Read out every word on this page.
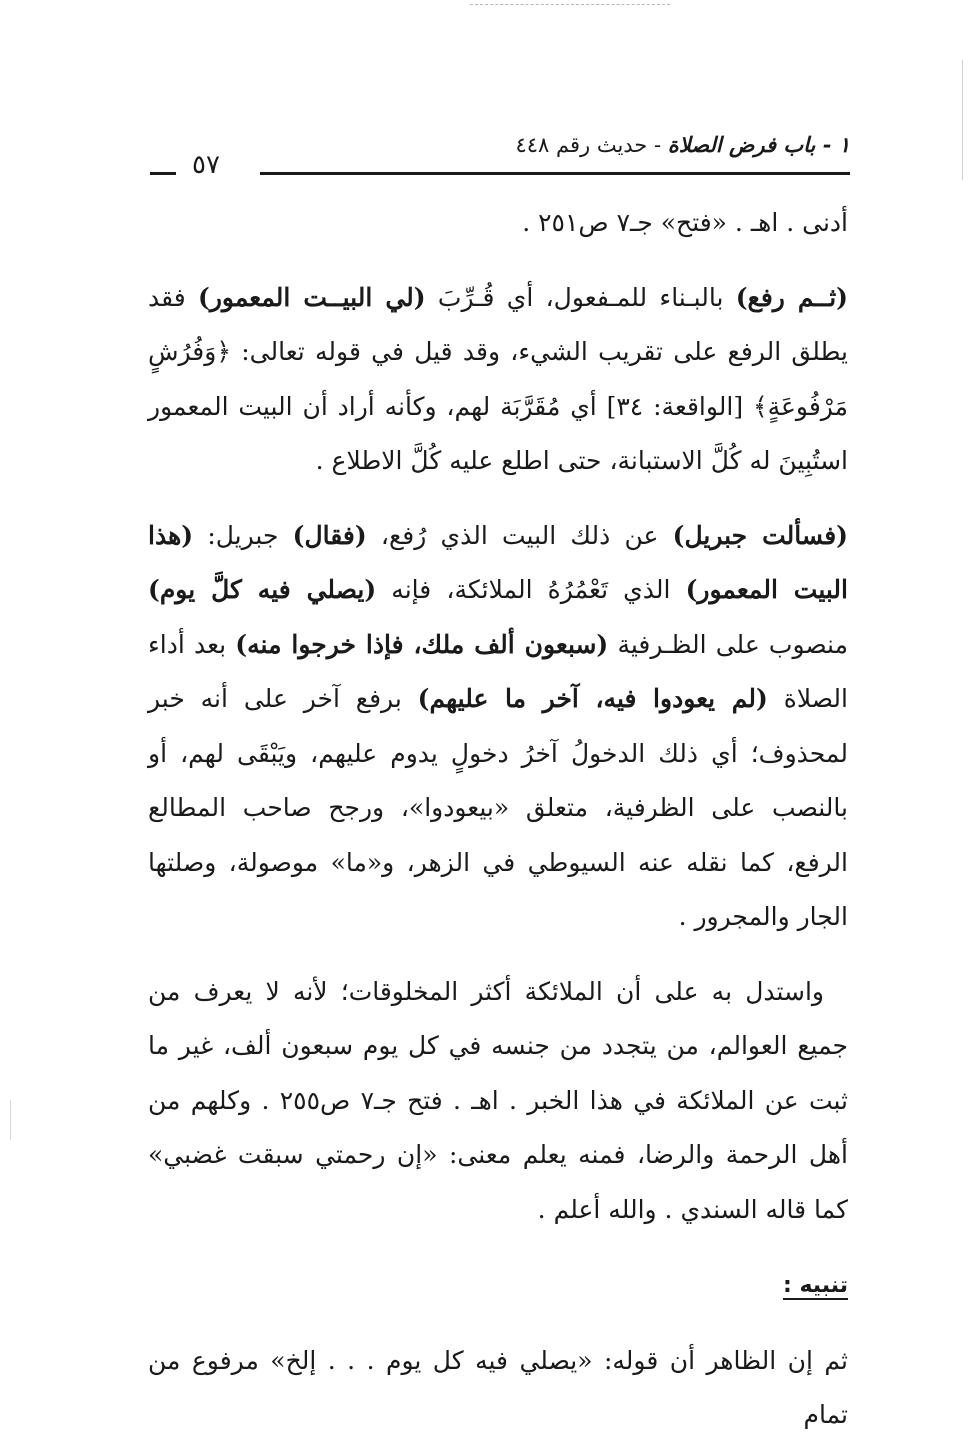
١ - باب فرض الصلاة - حديث رقم ٤٤٨
٥٧

أدنى . اهـ . «فتح» جـ٧ ص٢٥١ .

(ثــم رفع) بالبـناء للمـفعول، أي قُـرِّبَ (لي البيــت المعمور) فقد يطلق الرفع على تقريب الشيء، وقد قيل في قوله تعالى: ﴿وَفُرُشٍ مَرْفُوعَةٍ﴾ [الواقعة: ٣٤] أي مُقَرَّبَة لهم، وكأنه أراد أن البيت المعمور استُبِينَ له كُلَّ الاستبانة، حتى اطلع عليه كُلَّ الاطلاع .

(فسألت جبريل) عن ذلك البيت الذي رُفع، (فقال) جبريل: (هذا البيت المعمور) الذي تَعْمُرُهُ الملائكة، فإنه (يصلي فيه كلَّ يوم) منصوب على الظـرفية (سبعون ألف ملك، فإذا خرجوا منه) بعد أداء الصلاة (لم يعودوا فيه، آخر ما عليهم) برفع آخر على أنه خبر لمحذوف؛ أي ذلك الدخولُ آخرُ دخولٍ يدوم عليهم، ويَبْقَى لهم، أو بالنصب على الظرفية، متعلق «بيعودوا»، ورجح صاحب المطالع الرفع، كما نقله عنه السيوطي في الزهر، و«ما» موصولة، وصلتها الجار والمجرور .

واستدل به على أن الملائكة أكثر المخلوقات؛ لأنه لا يعرف من جميع العوالم، من يتجدد من جنسه في كل يوم سبعون ألف، غير ما ثبت عن الملائكة في هذا الخبر . اهـ . فتح جـ٧ ص٢٥٥ . وكلهم من أهل الرحمة والرضا، فمنه يعلم معنى: «إن رحمتي سبقت غضبي» كما قاله السندي . والله أعلم .

تنبيه :

ثم إن الظاهر أن قوله: «يصلي فيه كل يوم . . . إلخ» مرفوع من تمام
